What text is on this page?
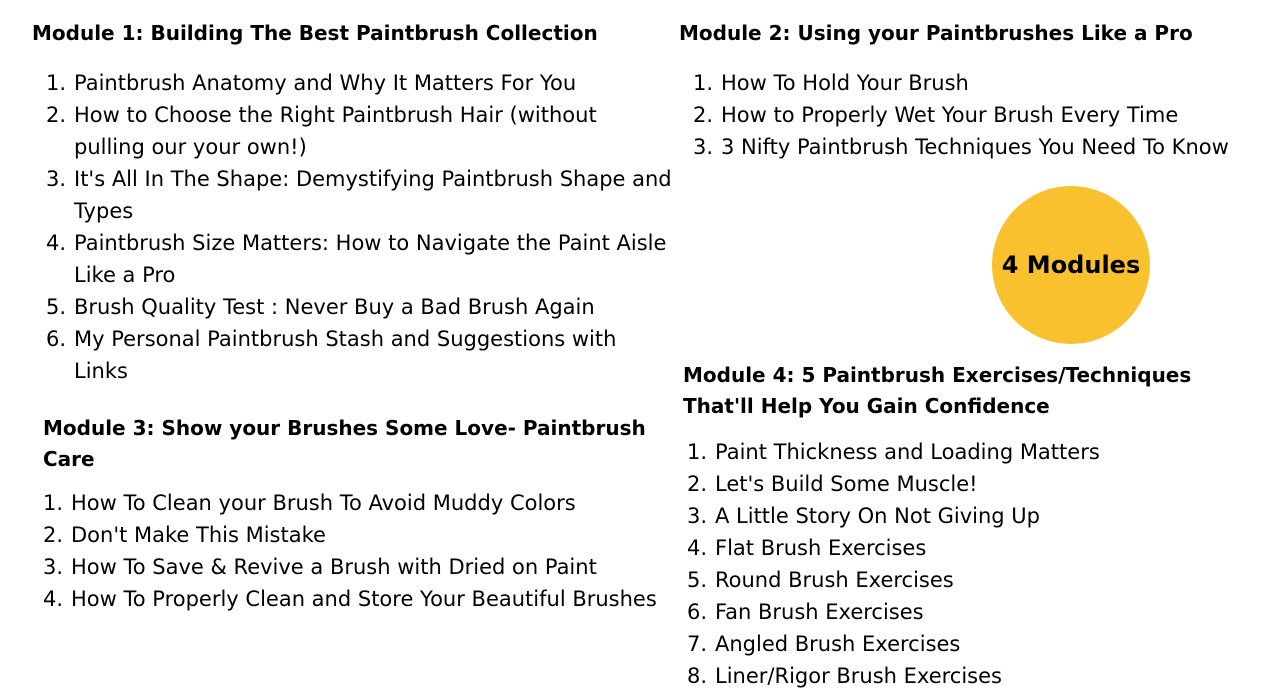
Module 1: Building The Best Paintbrush Collection
1. Paintbrush Anatomy and Why It Matters For You
2. How to Choose the Right Paintbrush Hair (without pulling our your own!)
3. It's All In The Shape: Demystifying Paintbrush Shape and Types
4. Paintbrush Size Matters: How to Navigate the Paint Aisle Like a Pro
5. Brush Quality Test : Never Buy a Bad Brush Again
6. My Personal Paintbrush Stash and Suggestions with Links
Module 2: Using your Paintbrushes Like a Pro
1. How To Hold Your Brush
2. How to Properly Wet Your Brush Every Time
3. 3 Nifty Paintbrush Techniques You Need To Know
4 Modules
Module 3: Show your Brushes Some Love- Paintbrush Care
1. How To Clean your Brush To Avoid Muddy Colors
2. Don't Make This Mistake
3. How To Save & Revive a Brush with Dried on Paint
4. How To Properly Clean and Store Your Beautiful Brushes
Module 4: 5 Paintbrush Exercises/Techniques That'll Help You Gain Confidence
1. Paint Thickness and Loading Matters
2. Let's Build Some Muscle!
3. A Little Story On Not Giving Up
4. Flat Brush Exercises
5. Round Brush Exercises
6. Fan Brush Exercises
7. Angled Brush Exercises
8. Liner/Rigor Brush Exercises
